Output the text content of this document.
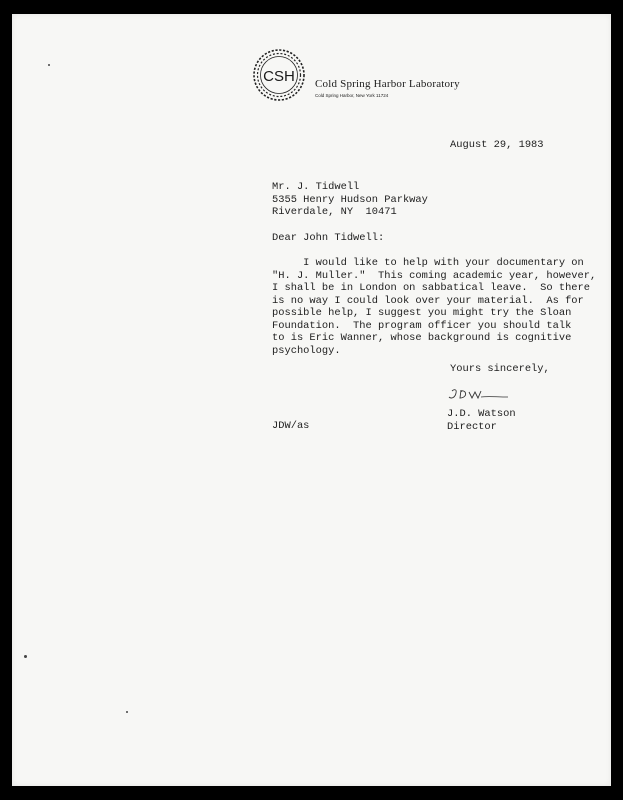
CSH Cold Spring Harbor Laboratory
Cold Spring Harbor, New York 11724
August 29, 1983
Mr. J. Tidwell
5355 Henry Hudson Parkway
Riverdale, NY  10471
Dear John Tidwell:
I would like to help with your documentary on
"H. J. Muller."  This coming academic year, however,
I shall be in London on sabbatical leave.  So there
is no way I could look over your material.  As for
possible help, I suggest you might try the Sloan
Foundation.  The program officer you should talk
to is Eric Wanner, whose background is cognitive
psychology.
Yours sincerely,
J.D. Watson
Director
JDW/as
